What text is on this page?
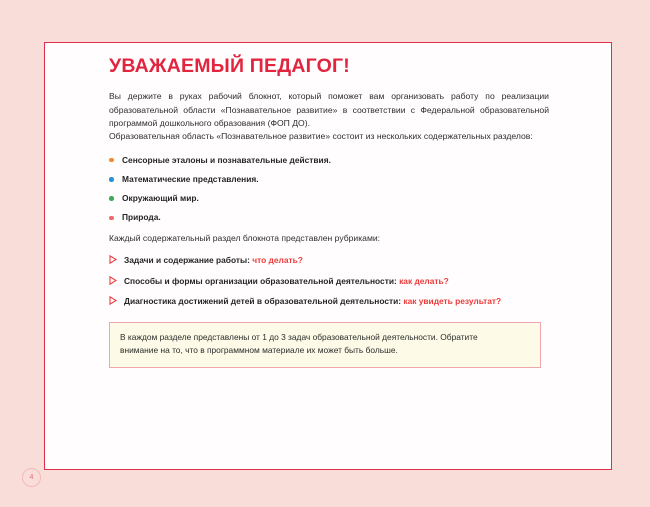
УВАЖАЕМЫЙ ПЕДАГОГ!

Вы держите в руках рабочий блокнот, который поможет вам организовать работу по реализации образовательной области «Познавательное развитие» в соответствии с Федеральной образовательной программой дошкольного образования (ФОП ДО).

Образовательная область «Познавательное развитие» состоит из нескольких содержательных разделов:

Сенсорные эталоны и познавательные действия.
Математические представления.
Окружающий мир.
Природа.

Каждый содержательный раздел блокнота представлен рубриками:

Задачи и содержание работы: что делать?
Способы и формы организации образовательной деятельности: как делать?
Диагностика достижений детей в образовательной деятельности: как увидеть результат?

В каждом разделе представлены от 1 до 3 задач образовательной деятельности. Обратите

внимание на то, что в программном материале их может быть больше.

4
